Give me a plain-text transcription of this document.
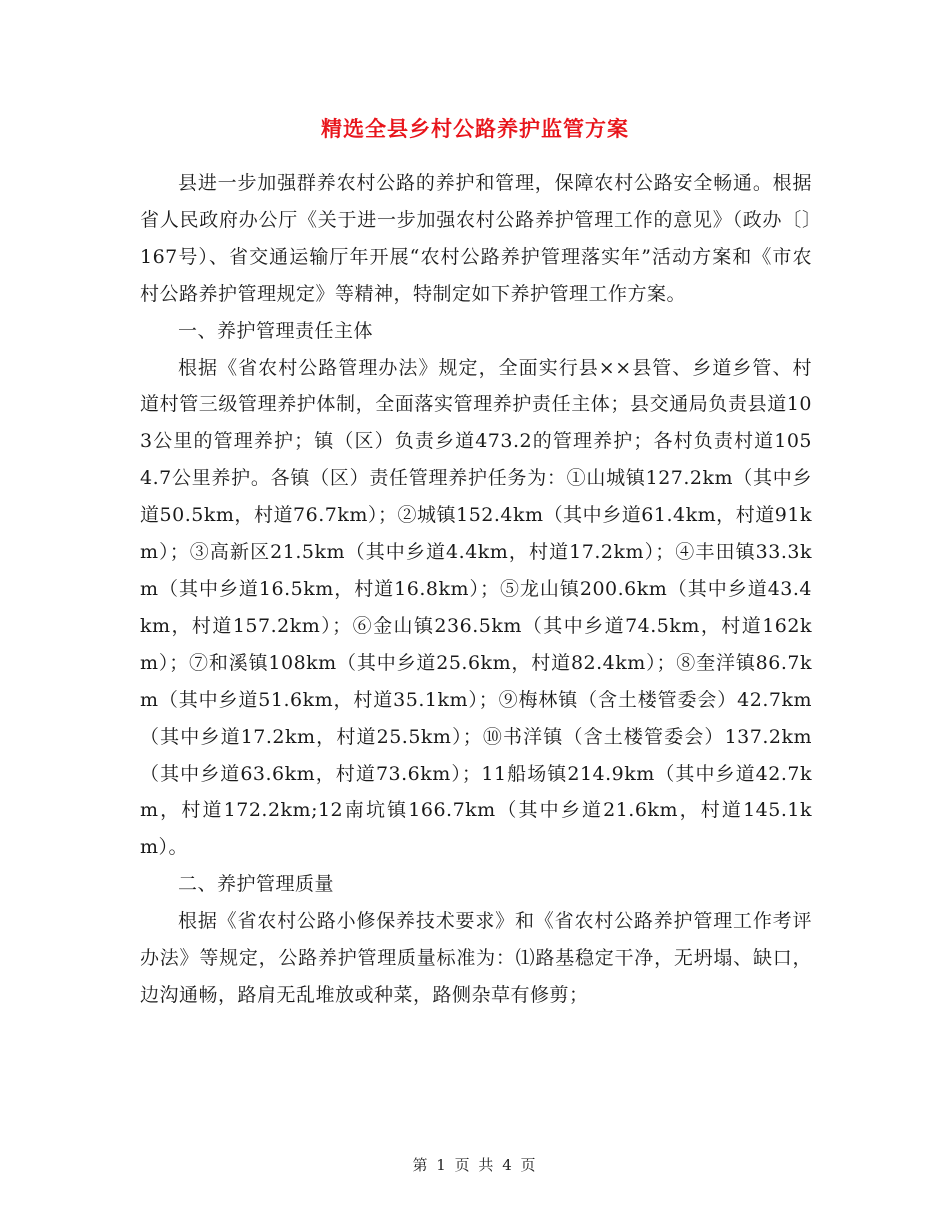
精选全县乡村公路养护监管方案

县进一步加强群养农村公路的养护和管理，保障农村公路安全畅通。根据省人民政府办公厅《关于进一步加强农村公路养护管理工作的意见》（政办〔〕167号）、省交通运输厅年开展“农村公路养护管理落实年”活动方案和《市农村公路养护管理规定》等精神，特制定如下养护管理工作方案。

一、养护管理责任主体

根据《省农村公路管理办法》规定，全面实行县××县管、乡道乡管、村道村管三级管理养护体制，全面落实管理养护责任主体；县交通局负责县道103公里的管理养护；镇（区）负责乡道473.2的管理养护；各村负责村道1054.7公里养护。各镇（区）责任管理养护任务为：①山城镇127.2km（其中乡道50.5km，村道76.7km）；②城镇152.4km（其中乡道61.4km，村道91km）；③高新区21.5km（其中乡道4.4km，村道17.2km）；④丰田镇33.3km（其中乡道16.5km，村道16.8km）；⑤龙山镇200.6km（其中乡道43.4km，村道157.2km）；⑥金山镇236.5km（其中乡道74.5km，村道162km）；⑦和溪镇108km（其中乡道25.6km，村道82.4km）；⑧奎洋镇86.7km（其中乡道51.6km，村道35.1km）；⑨梅林镇（含土楼管委会）42.7km（其中乡道17.2km，村道25.5km）；⑩书洋镇（含土楼管委会）137.2km（其中乡道63.6km，村道73.6km）；11船场镇214.9km（其中乡道42.7km，村道172.2km;12南坑镇166.7km（其中乡道21.6km，村道145.1km）。

二、养护管理质量

根据《省农村公路小修保养技术要求》和《省农村公路养护管理工作考评办法》等规定，公路养护管理质量标准为：⑴路基稳定干净，无坍塌、缺口，边沟通畅，路肩无乱堆放或种菜，路侧杂草有修剪；

第 1 页 共 4 页
